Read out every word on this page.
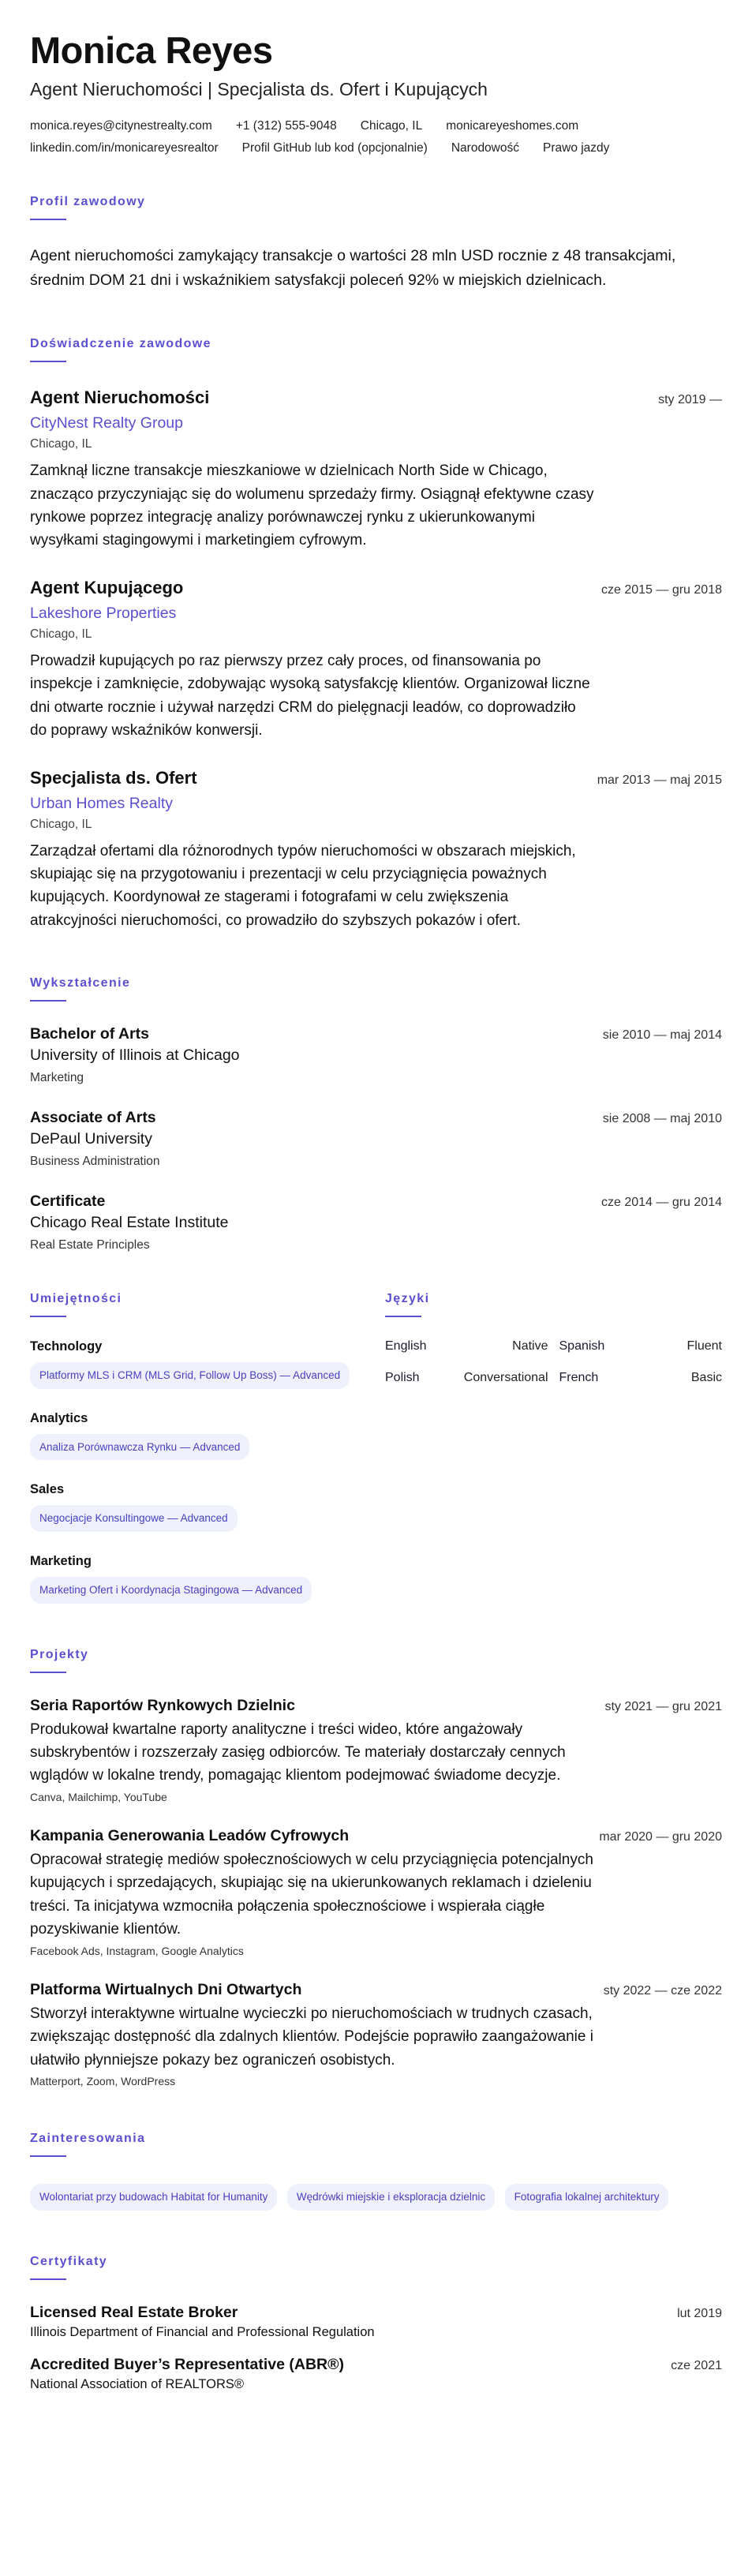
Monica Reyes
Agent Nieruchomości | Specjalista ds. Ofert i Kupujących
monica.reyes@citynestrealty.com +1 (312) 555-9048 Chicago, IL monicareyeshomes.com
linkedin.com/in/monicareyesrealtor Profil GitHub lub kod (opcjonalnie) Narodowość Prawo jazdy
Profil zawodowy

Agent nieruchomości zamykający transakcje o wartości 28 mln USD rocznie z 48 transakcjami, średnim DOM 21 dni i wskaźnikiem satysfakcji poleceń 92% w miejskich dzielnicach.

Doświadczenie zawodowe
Agent Nieruchomości	sty 2019 —
CityNest Realty Group
Chicago, IL

Zamknął liczne transakcje mieszkaniowe w dzielnicach North Side w Chicago, znacząco przyczyniając się do wolumenu sprzedaży firmy. Osiągnął efektywne czasy rynkowe poprzez integrację analizy porównawczej rynku z ukierunkowanymi wysyłkami stagingowymi i marketingiem cyfrowym.

Agent Kupującego	cze 2015 — gru 2018
Lakeshore Properties
Chicago, IL

Prowadził kupujących po raz pierwszy przez cały proces, od finansowania po inspekcje i zamknięcie, zdobywając wysoką satysfakcję klientów. Organizował liczne dni otwarte rocznie i używał narzędzi CRM do pielęgnacji leadów, co doprowadziło do poprawy wskaźników konwersji.

Specjalista ds. Ofert	mar 2013 — maj 2015
Urban Homes Realty
Chicago, IL

Zarządzał ofertami dla różnorodnych typów nieruchomości w obszarach miejskich, skupiając się na przygotowaniu i prezentacji w celu przyciągnięcia poważnych kupujących. Koordynował ze stagerami i fotografami w celu zwiększenia atrakcyjności nieruchomości, co prowadziło do szybszych pokazów i ofert.

Wykształcenie
Bachelor of Arts	sie 2010 — maj 2014
University of Illinois at Chicago
Marketing
Associate of Arts	sie 2008 — maj 2010
DePaul University
Business Administration
Certificate	cze 2014 — gru 2014
Chicago Real Estate Institute
Real Estate Principles
Umiejętności
Technology
Platformy MLS i CRM (MLS Grid, Follow Up Boss) — Advanced
Analytics
Analiza Porównawcza Rynku — Advanced
Sales
Negocjacje Konsultingowe — Advanced
Marketing
Marketing Ofert i Koordynacja Stagingowa — Advanced
Języki
English	Native Spanish	Fluent
Polish	Conversational French	Basic
Projekty
Seria Raportów Rynkowych Dzielnic	sty 2021 — gru 2021

Produkował kwartalne raporty analityczne i treści wideo, które angażowały subskrybentów i rozszerzały zasięg odbiorców. Te materiały dostarczały cennych wglądów w lokalne trendy, pomagając klientom podejmować świadome decyzje.

Canva, Mailchimp, YouTube
Kampania Generowania Leadów Cyfrowych	mar 2020 — gru 2020

Opracował strategię mediów społecznościowych w celu przyciągnięcia potencjalnych kupujących i sprzedających, skupiając się na ukierunkowanych reklamach i dzieleniu treści. Ta inicjatywa wzmocniła połączenia społecznościowe i wspierała ciągłe pozyskiwanie klientów.

Facebook Ads, Instagram, Google Analytics
Platforma Wirtualnych Dni Otwartych	sty 2022 — cze 2022

Stworzył interaktywne wirtualne wycieczki po nieruchomościach w trudnych czasach, zwiększając dostępność dla zdalnych klientów. Podejście poprawiło zaangażowanie i ułatwiło płynniejsze pokazy bez ograniczeń osobistych.

Matterport, Zoom, WordPress
Zainteresowania
Wolontariat przy budowach Habitat for Humanity	Wędrówki miejskie i eksploracja dzielnic	Fotografia lokalnej architektury
Certyfikaty
Licensed Real Estate Broker	lut 2019
Illinois Department of Financial and Professional Regulation
Accredited Buyer’s Representative (ABR®)	cze 2021
National Association of REALTORS®
